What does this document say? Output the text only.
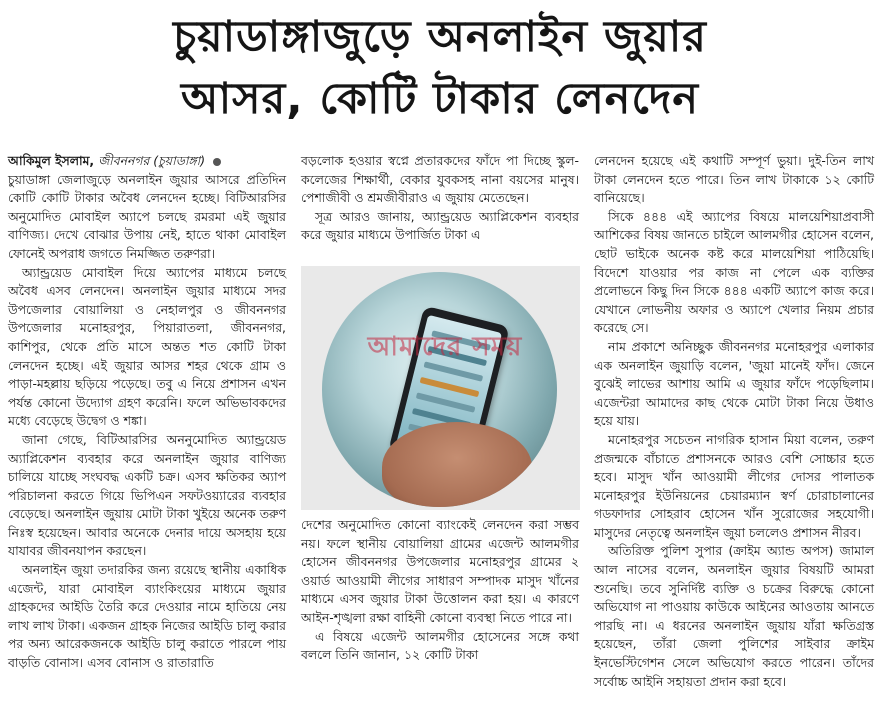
চুয়াডাঙ্গাজুড়ে অনলাইন জুয়ার
আসর, কোটি টাকার লেনদেন

আকিমুল ইসলাম, জীবননগর (চুয়াডাঙ্গা)

চুয়াডাঙ্গা জেলাজুড়ে অনলাইন জুয়ার আসরে প্রতিদিন কোটি কোটি টাকার অবৈধ লেনদেন হচ্ছে। বিটিআরসির অনুমোদিত মোবাইল অ্যাপে চলছে রমরমা এই জুয়ার বাণিজ্য। দেখে বোঝার উপায় নেই, হাতে থাকা মোবাইল ফোনেই অপরাধ জগতে নিমজ্জিত তরুণরা।

অ্যান্ড্রয়েড মোবাইল দিয়ে অ্যাপের মাধ্যমে চলছে অবৈধ এসব লেনদেন। অনলাইন জুয়ার মাধ্যমে সদর উপজেলার বোয়ালিয়া ও নেহালপুর ও জীবননগর উপজেলার মনোহরপুর, পিয়ারাতলা, জীবননগর, কাশিপুর, থেকে প্রতি মাসে অন্তত শত কোটি টাকা লেনদেন হচ্ছে। এই জুয়ার আসর শহর থেকে গ্রাম ও পাড়া-মহল্লায় ছড়িয়ে পড়েছে। তবু এ নিয়ে প্রশাসন এখন পর্যন্ত কোনো উদ্যোগ গ্রহণ করেনি। ফলে অভিভাবকদের মধ্যে বেড়েছে উদ্বেগ ও শঙ্কা।

জানা গেছে, বিটিআরসির অননুমোদিত অ্যান্ড্রয়েড অ্যাপ্লিকেশন ব্যবহার করে অনলাইন জুয়ার বাণিজ্য চালিয়ে যাচ্ছে সংঘবদ্ধ একটি চক্র। এসব ক্ষতিকর অ্যাপ পরিচালনা করতে গিয়ে ভিপিএন সফটওয়্যারের ব্যবহার বেড়েছে। অনলাইন জুয়ায় মোটা টাকা খুইয়ে অনেক তরুণ নিঃস্ব হয়েছেন। আবার অনেকে দেনার দায়ে অসহায় হয়ে যাযাবর জীবনযাপন করছেন।

অনলাইন জুয়া তদারকির জন্য রয়েছে স্থানীয় একাধিক এজেন্ট, যারা মোবাইল ব্যাংকিংয়ের মাধ্যমে জুয়ার গ্রাহকদের আইডি তৈরি করে দেওয়ার নামে হাতিয়ে নেয় লাখ লাখ টাকা। একজন গ্রাহক নিজের আইডি চালু করার পর অন্য আরেকজনকে আইডি চালু করাতে পারলে পায় বাড়তি বোনাস। এসব বোনাস ও রাতারাতি

বড়লোক হওয়ার স্বপ্নে প্রতারকদের ফাঁদে পা দিচ্ছে স্কুল-কলেজের শিক্ষার্থী, বেকার যুবকসহ নানা বয়সের মানুষ। পেশাজীবী ও শ্রমজীবীরাও এ জুয়ায় মেতেছেন।

সূত্র আরও জানায়, অ্যান্ড্রয়েড অ্যাপ্লিকেশন ব্যবহার করে জুয়ার মাধ্যমে উপার্জিত টাকা এ

আমাদের সময়

দেশের অনুমোদিত কোনো ব্যাংকেই লেনদেন করা সম্ভব নয়। ফলে স্থানীয় বোয়ালিয়া গ্রামের এজেন্ট আলমগীর হোসেন জীবননগর উপজেলার মনোহরপুর গ্রামের ২ ওয়ার্ড আওয়ামী লীগের সাধারণ সম্পাদক মাসুদ খাঁনের মাধ্যমে এসব জুয়ার টাকা উত্তোলন করা হয়। এ কারণে আইন-শৃঙ্খলা রক্ষা বাহিনী কোনো ব্যবস্থা নিতে পারে না।

এ বিষয়ে এজেন্ট আলমগীর হোসেনের সঙ্গে কথা বললে তিনি জানান, ১২ কোটি টাকা

লেনদেন হয়েছে এই কথাটি সম্পূর্ণ ভুয়া। দুই-তিন লাখ টাকা লেনদেন হতে পারে। তিন লাখ টাকাকে ১২ কোটি বানিয়েছে।

সিকে ৪৪৪ এই অ্যাপের বিষয়ে মালয়েশিয়াপ্রবাসী আশিকের বিষয় জানতে চাইলে আলমগীর হোসেন বলেন, ছোট ভাইকে অনেক কষ্ট করে মালয়েশিয়া পাঠিয়েছি। বিদেশে যাওয়ার পর কাজ না পেলে এক ব্যক্তির প্রলোভনে কিছু দিন সিকে ৪৪৪ একটি অ্যাপে কাজ করে। যেখানে লোভনীয় অফার ও অ্যাপে খেলার নিয়ম প্রচার করেছে সে।

নাম প্রকাশে অনিচ্ছুক জীবননগর মনোহরপুর এলাকার এক অনলাইন জুয়াড়ি বলেন, 'জুয়া মানেই ফাঁদ। জেনে বুঝেই লাভের আশায় আমি এ জুয়ার ফাঁদে পড়েছিলাম। এজেন্টরা আমাদের কাছ থেকে মোটা টাকা নিয়ে উধাও হয়ে যায়।

মনোহরপুর সচেতন নাগরিক হাসান মিয়া বলেন, তরুণ প্রজন্মকে বাঁচাতে প্রশাসনকে আরও বেশি সোচ্চার হতে হবে। মাসুদ খাঁন আওয়ামী লীগের দোসর পালাতক মনোহরপুর ইউনিয়নের চেয়ারম্যান স্বর্ণ চোরাচালানের গডফাদার সোহরাব হোসেন খাঁন সুরোজের সহযোগী। মাসুদের নেতৃত্বে অনলাইন জুয়া চললেও প্রশাসন নীরব।

অতিরিক্ত পুলিশ সুপার (ক্রাইম অ্যান্ড অপস) জামাল আল নাসের বলেন, অনলাইন জুয়ার বিষয়টি আমরা শুনেছি। তবে সুনির্দিষ্ট ব্যক্তি ও চক্রের বিরুদ্ধে কোনো অভিযোগ না পাওয়ায় কাউকে আইনের আওতায় আনতে পারছি না। এ ধরনের অনলাইন জুয়ায় যাঁরা ক্ষতিগ্রস্ত হয়েছেন, তাঁরা জেলা পুলিশের সাইবার ক্রাইম ইনভেস্টিগেশন সেলে অভিযোগ করতে পারেন। তাঁদের সর্বোচ্চ আইনি সহায়তা প্রদান করা হবে।
